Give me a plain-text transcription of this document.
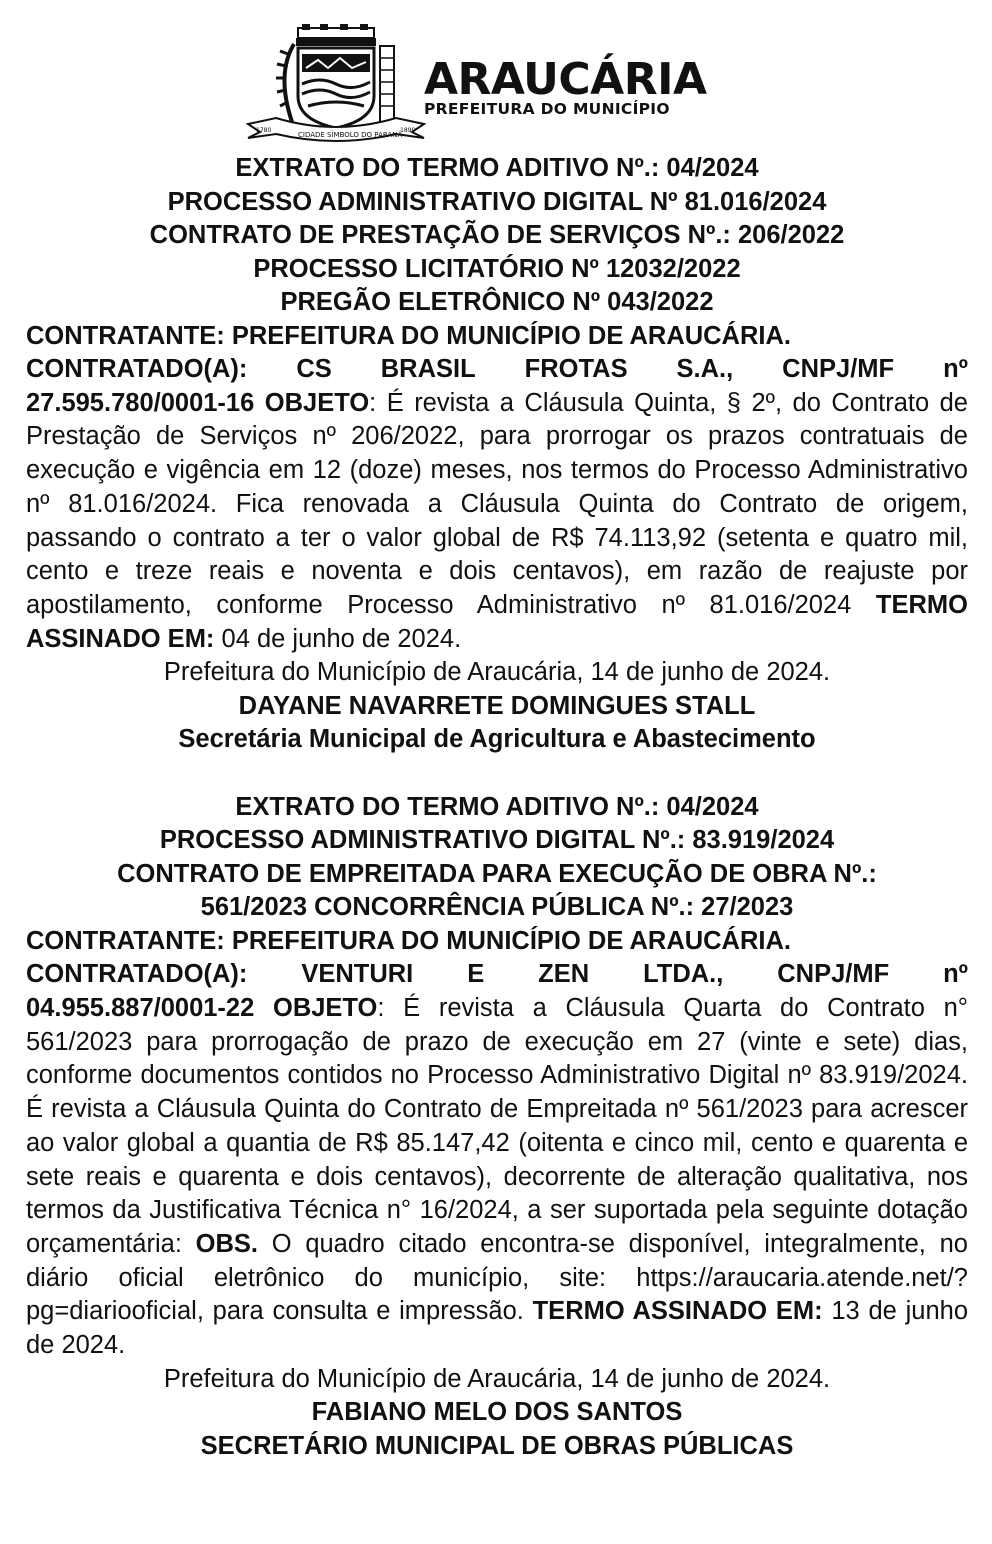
1780
CIDADE SÍMBOLO DO PARANÁ
1890
ARAUCÁRIA
PREFEITURA DO MUNICÍPIO

EXTRATO DO TERMO ADITIVO Nº.: 04/2024

PROCESSO ADMINISTRATIVO DIGITAL Nº 81.016/2024

CONTRATO DE PRESTAÇÃO DE SERVIÇOS Nº.: 206/2022

PROCESSO LICITATÓRIO Nº 12032/2022

PREGÃO ELETRÔNICO Nº 043/2022

CONTRATANTE: PREFEITURA DO MUNICÍPIO DE ARAUCÁRIA.

CONTRATADO(A): CS BRASIL FROTAS S.A., CNPJ/MF nº

27.595.780/0001-16 OBJETO: É revista a Cláusula Quinta, § 2º, do Contrato de Prestação de Serviços nº 206/2022, para prorrogar os prazos contratuais de execução e vigência em 12 (doze) meses, nos termos do Processo Administrativo nº 81.016/2024. Fica renovada a Cláusula Quinta do Contrato de origem, passando o contrato a ter o valor global de R$ 74.113,92 (setenta e quatro mil, cento e treze reais e noventa e dois centavos), em razão de reajuste por apostilamento, conforme Processo Administrativo nº 81.016/2024 TERMO ASSINADO EM: 04 de junho de 2024.

Prefeitura do Município de Araucária, 14 de junho de 2024.

DAYANE NAVARRETE DOMINGUES STALL

Secretária Municipal de Agricultura e Abastecimento

EXTRATO DO TERMO ADITIVO Nº.: 04/2024

PROCESSO ADMINISTRATIVO DIGITAL Nº.: 83.919/2024

CONTRATO DE EMPREITADA PARA EXECUÇÃO DE OBRA Nº.:

561/2023 CONCORRÊNCIA PÚBLICA Nº.: 27/2023

CONTRATANTE: PREFEITURA DO MUNICÍPIO DE ARAUCÁRIA.

CONTRATADO(A): VENTURI E ZEN LTDA., CNPJ/MF nº

04.955.887/0001-22 OBJETO: É revista a Cláusula Quarta do Contrato n° 561/2023 para prorrogação de prazo de execução em 27 (vinte e sete) dias, conforme documentos contidos no Processo Administrativo Digital nº 83.919/2024. É revista a Cláusula Quinta do Contrato de Empreitada nº 561/2023 para acrescer ao valor global a quantia de R$ 85.147,42 (oitenta e cinco mil, cento e quarenta e sete reais e quarenta e dois centavos), decorrente de alteração qualitativa, nos termos da Justificativa Técnica n° 16/2024, a ser suportada pela seguinte dotação orçamentária: OBS. O quadro citado encontra-se disponível, integralmente, no diário oficial eletrônico do município, site: https://araucaria.atende.net/?pg=diariooficial, para consulta e impressão. TERMO ASSINADO EM: 13 de junho de 2024.

Prefeitura do Município de Araucária, 14 de junho de 2024.

FABIANO MELO DOS SANTOS

SECRETÁRIO MUNICIPAL DE OBRAS PÚBLICAS
